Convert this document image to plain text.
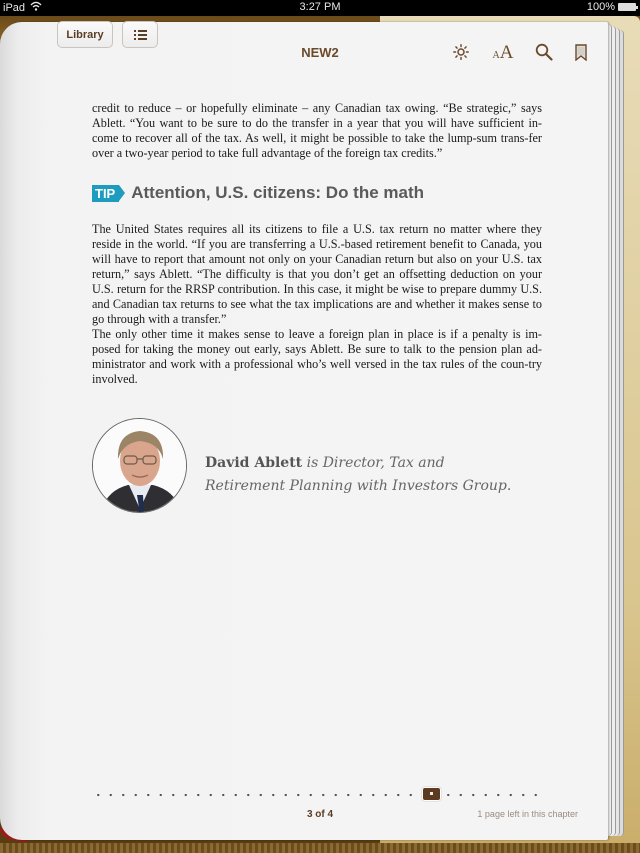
iPad	3:27 PM	100%
Library
NEW2	A A

credit to reduce – or hopefully eliminate – any Canadian tax owing. “Be strategic,” says Ablett. “You want to be sure to do the transfer in a year that you will have sufficient in-come to recover all of the tax. As well, it might be possible to take the lump-sum trans-fer over a two-year period to take full advantage of the foreign tax credits.”

TIP Attention, U.S. citizens: Do the math

The United States requires all its citizens to file a U.S. tax return no matter where they reside in the world. “If you are transferring a U.S.-based retirement benefit to Canada, you will have to report that amount not only on your Canadian return but also on your U.S. tax return,” says Ablett. “The difficulty is that you don’t get an offsetting deduction on your U.S. return for the RRSP contribution. In this case, it might be wise to prepare dummy U.S. and Canadian tax returns to see what the tax implications are and whether it makes sense to go through with a transfer.”

The only other time it makes sense to leave a foreign plan in place is if a penalty is im-posed for taking the money out early, says Ablett. Be sure to talk to the pension plan ad-ministrator and work with a professional who’s well versed in the tax rules of the coun-try involved.

David Ablett is Director, Tax and
Retirement Planning with Investors Group.
3 of 4	1 page left in this chapter
